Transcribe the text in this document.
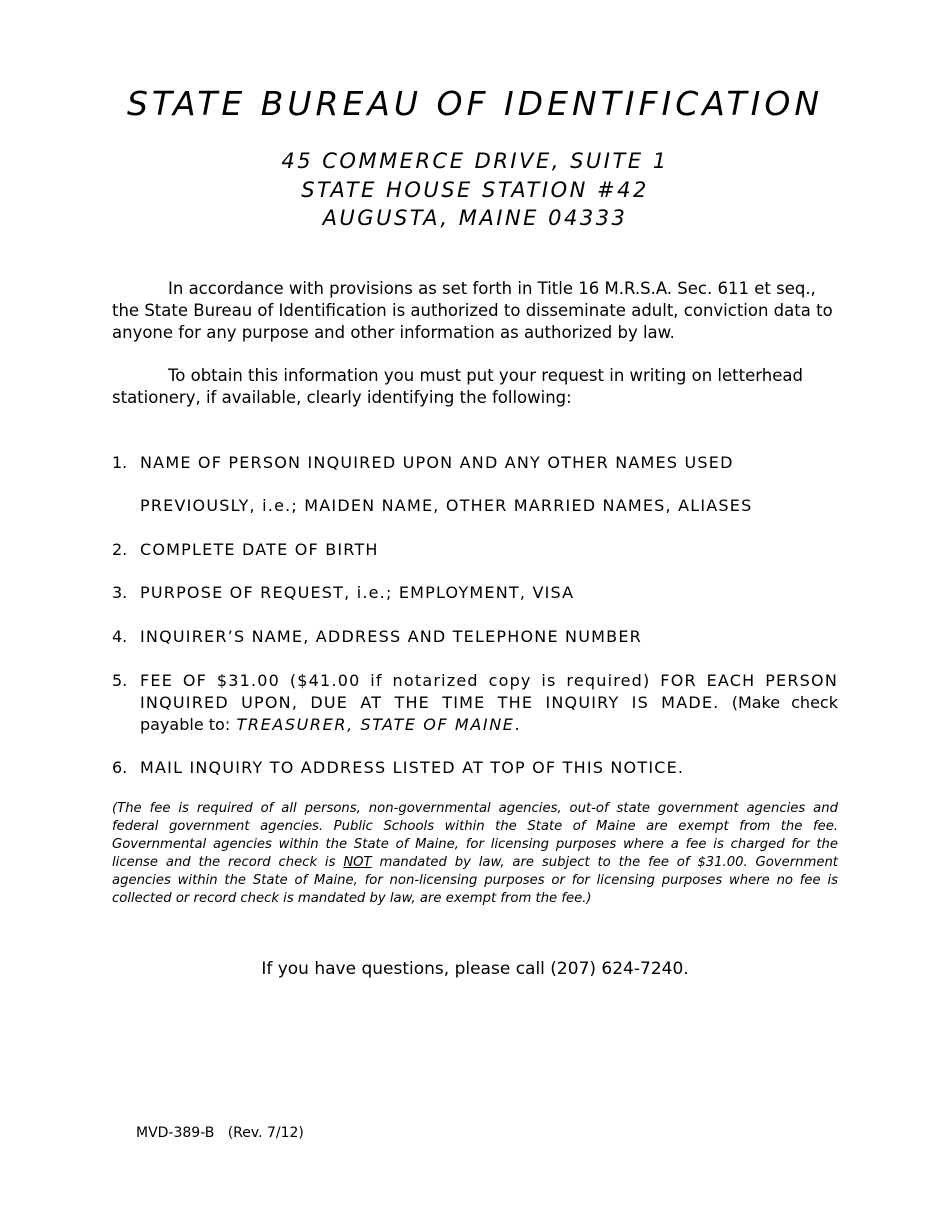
STATE BUREAU OF IDENTIFICATION
45 COMMERCE DRIVE, SUITE 1
STATE HOUSE STATION #42
AUGUSTA, MAINE 04333
In accordance with provisions as set forth in Title 16 M.R.S.A. Sec. 611 et seq., the State Bureau of Identification is authorized to disseminate adult, conviction data to anyone for any purpose and other information as authorized by law.
To obtain this information you must put your request in writing on letterhead stationery, if available, clearly identifying the following:
1. NAME OF PERSON INQUIRED UPON AND ANY OTHER NAMES USED
PREVIOUSLY, i.e.; MAIDEN NAME, OTHER MARRIED NAMES, ALIASES
2. COMPLETE DATE OF BIRTH
3. PURPOSE OF REQUEST, i.e.; EMPLOYMENT, VISA
4. INQUIRER’S NAME, ADDRESS AND TELEPHONE NUMBER
5. FEE OF $31.00 ($41.00 if notarized copy is required) FOR EACH PERSON INQUIRED UPON, DUE AT THE TIME THE INQUIRY IS MADE. (Make check payable to: TREASURER, STATE OF MAINE.
6. MAIL INQUIRY TO ADDRESS LISTED AT TOP OF THIS NOTICE.
(The fee is required of all persons, non-governmental agencies, out-of state government agencies and federal government agencies. Public Schools within the State of Maine are exempt from the fee. Governmental agencies within the State of Maine, for licensing purposes where a fee is charged for the license and the record check is NOT mandated by law, are subject to the fee of $31.00. Government agencies within the State of Maine, for non-licensing purposes or for licensing purposes where no fee is collected or record check is mandated by law, are exempt from the fee.)
If you have questions, please call (207) 624-7240.
MVD-389-B   (Rev. 7/12)
